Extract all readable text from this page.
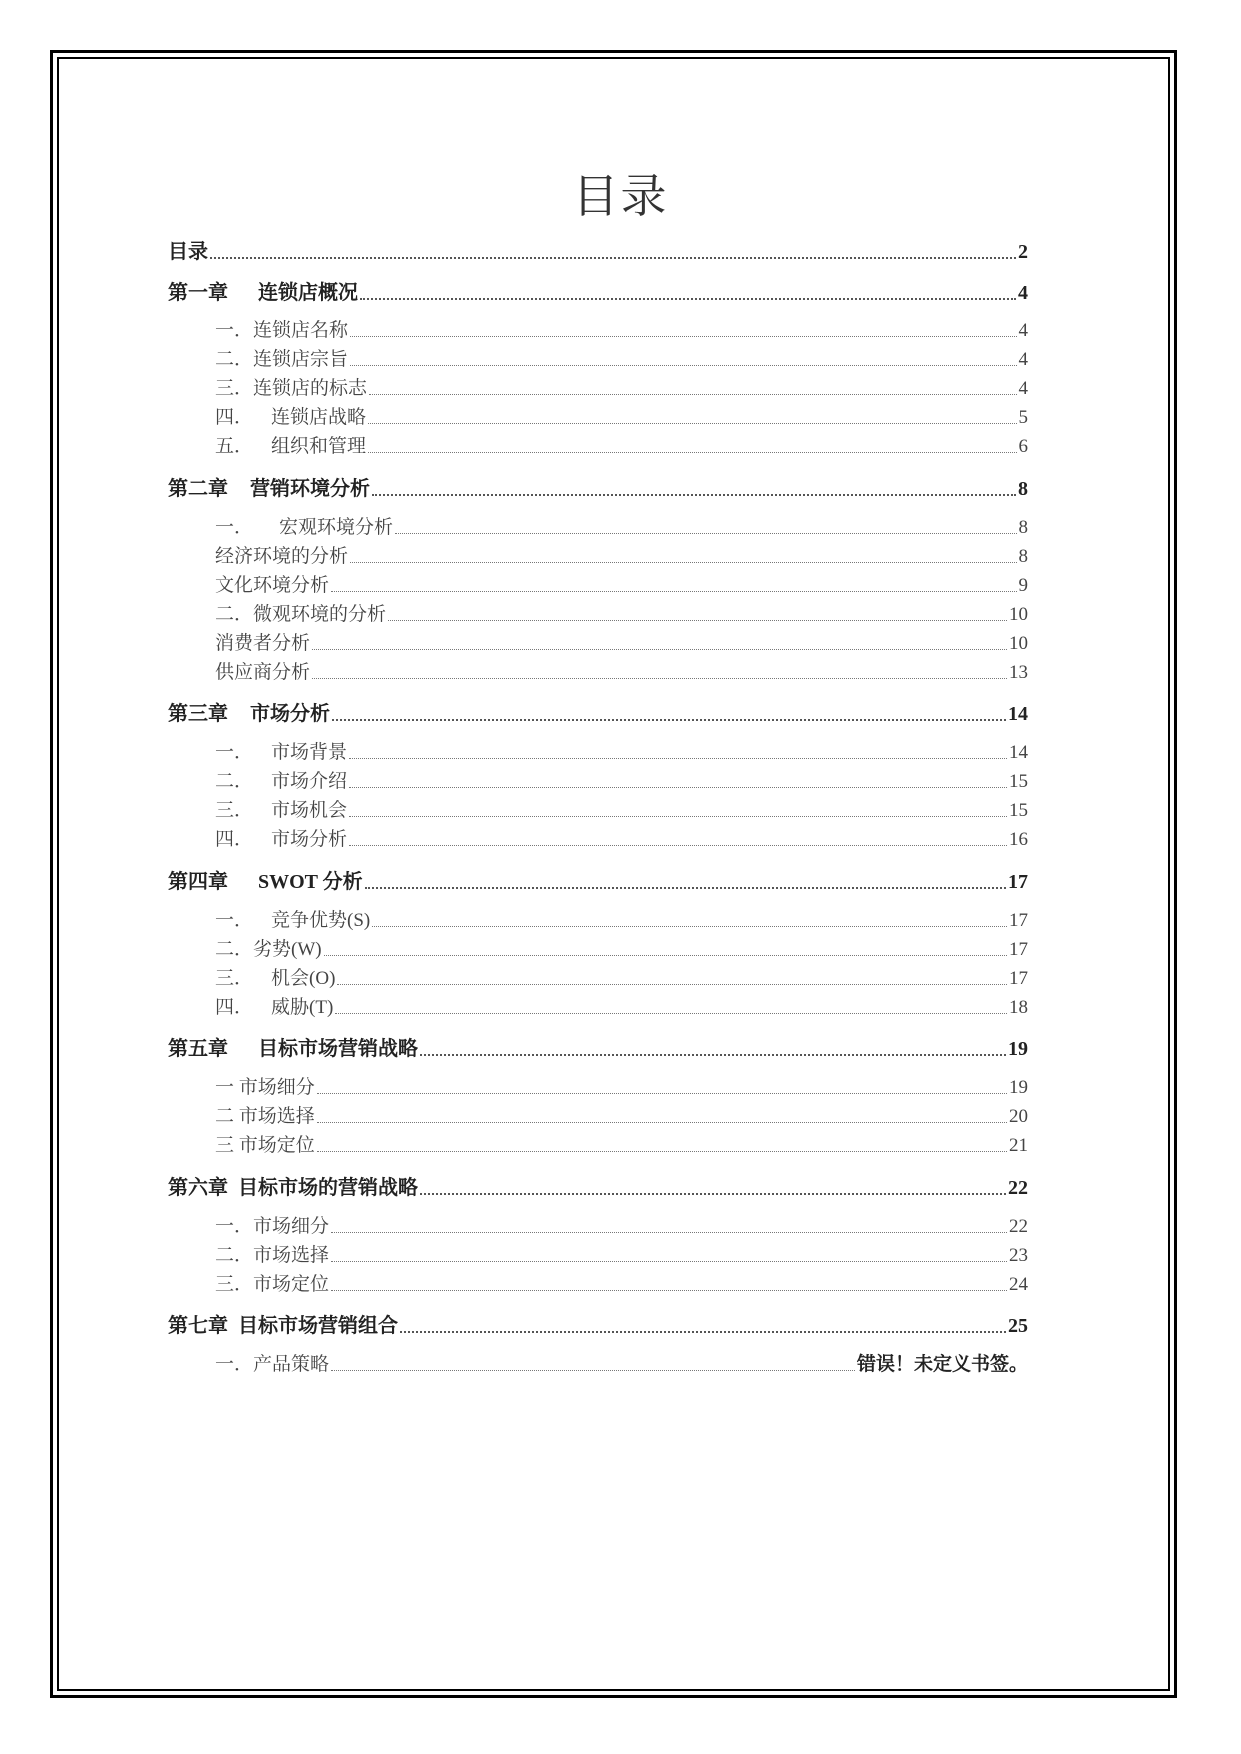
目录
目录	2
第一章 连锁店概况	4
一．连锁店名称	4
二．连锁店宗旨	4
三．连锁店的标志	4
四． 连锁店战略	5
五． 组织和管理	6
第二章 营销环境分析	8
一． 宏观环境分析	8
经济环境的分析	8
文化环境分析	9
二．微观环境的分析	10
消费者分析	10
供应商分析	13
第三章 市场分析	14
一． 市场背景	14
二． 市场介绍	15
三． 市场机会	15
四． 市场分析	16
第四章 SWOT 分析	17
一． 竞争优势(S)	17
二．劣势(W)	17
三． 机会(O)	17
四． 威胁(T)	18
第五章 目标市场营销战略	19
一 市场细分	19
二 市场选择	20
三 市场定位	21
第六章 目标市场的营销战略	22
一．市场细分	22
二．市场选择	23
三．市场定位	24
第七章 目标市场营销组合	25
一．产品策略	错误！未定义书签。
